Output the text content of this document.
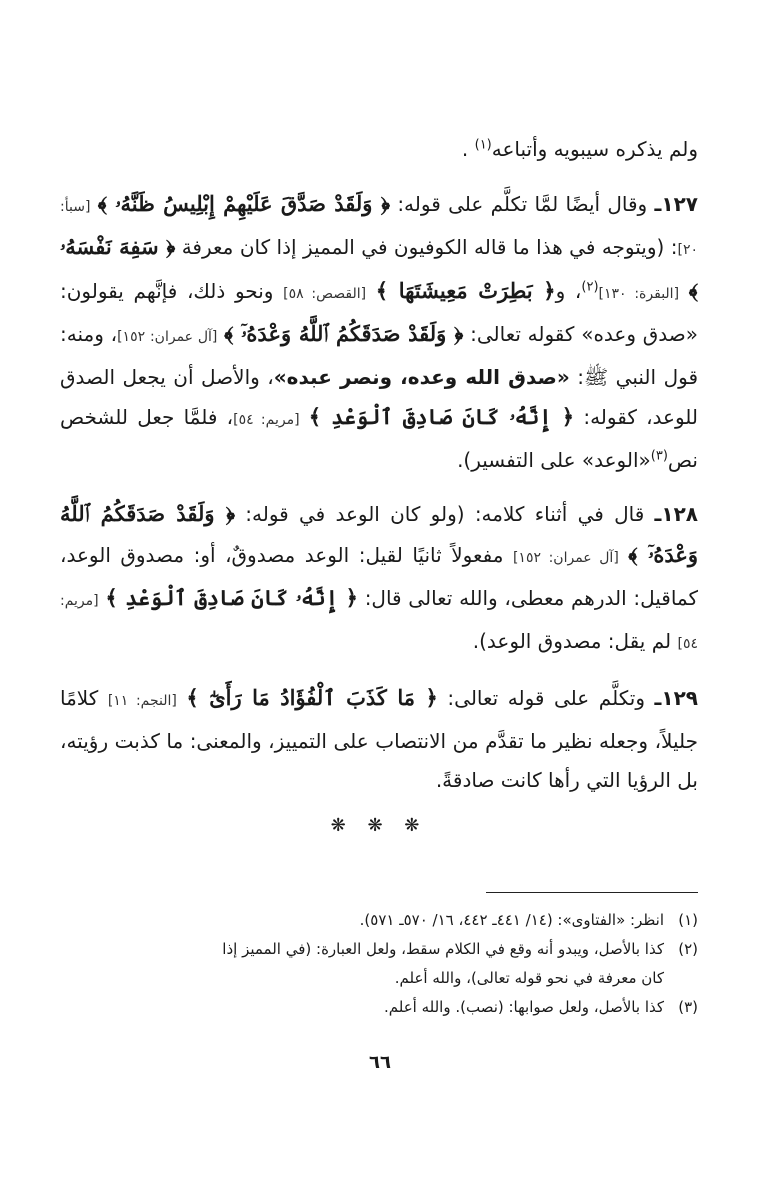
ولم يذكره سيبويه وأتباعه$^{(١)}$ .

١٢٧ـ وقال أيضًا لمَّا تكلَّم على قوله: ﴿ وَلَقَدْ صَدَّقَ عَلَيْهِمْ إِبْلِيسُ ظَنَّهُۥ ﴾ [سبأ: ٢٠]: (ويتوجه في هذا ما قاله الكوفيون في المميز إذا كان معرفة ﴿ سَفِهَ نَفْسَهُۥ ﴾ [البقرة: ١٣٠]$^{(٢)}$، و﴿ بَطِرَتْ مَعِيشَتَهَا ﴾ [القصص: ٥٨] ونحو ذلك، فإنَّهم يقولون: «صدق وعده» كقوله تعالى: ﴿ وَلَقَدْ صَدَقَكُمُ ٱللَّهُ وَعْدَهُۥٓ ﴾ [آل عمران: ١٥٢]، ومنه: قول النبي ﷺ: «صدق الله وعده، ونصر عبده»، والأصل أن يجعل الصدق للوعد، كقوله: ﴿ إِنَّهُۥ كَانَ صَادِقَ ٱلْوَعْدِ ﴾ [مريم: ٥٤]، فلمَّا جعل للشخص نص$^{(٣)}$«الوعد» على التفسير).

١٢٨ـ قال في أثناء كلامه: (ولو كان الوعد في قوله: ﴿ وَلَقَدْ صَدَقَكُمُ ٱللَّهُ وَعْدَهُۥٓ ﴾ [آل عمران: ١٥٢] مفعولاً ثانيًا لقيل: الوعد مصدوقٌ، أو: مصدوق الوعد، كماقيل: الدرهم معطى، والله تعالى قال: ﴿ إِنَّهُۥ كَانَ صَادِقَ ٱلْوَعْدِ ﴾ [مريم: ٥٤] لم يقل: مصدوق الوعد).

١٢٩ـ وتكلَّم على قوله تعالى: ﴿ مَا كَذَبَ ٱلْفُؤَادُ مَا رَأَىٰٓ ﴾ [النجم: ١١] كلامًا جليلاً، وجعله نظير ما تقدَّم من الانتصاب على التمييز، والمعنى: ما كذبت رؤيته، بل الرؤيا التي رأها كانت صادقةً.

❋ ❋ ❋

(١)انظر: «الفتاوى»: (١٤/ ٤٤١ـ ٤٤٢، ١٦/ ٥٧٠ـ ٥٧١).

(٢)كذا بالأصل، ويبدو أنه وقع في الكلام سقط، ولعل العبارة: (في المميز إذا

كان معرفة في نحو قوله تعالى)، والله أعلم.

(٣)كذا بالأصل، ولعل صوابها: (نصب). والله أعلم.

٦٦
